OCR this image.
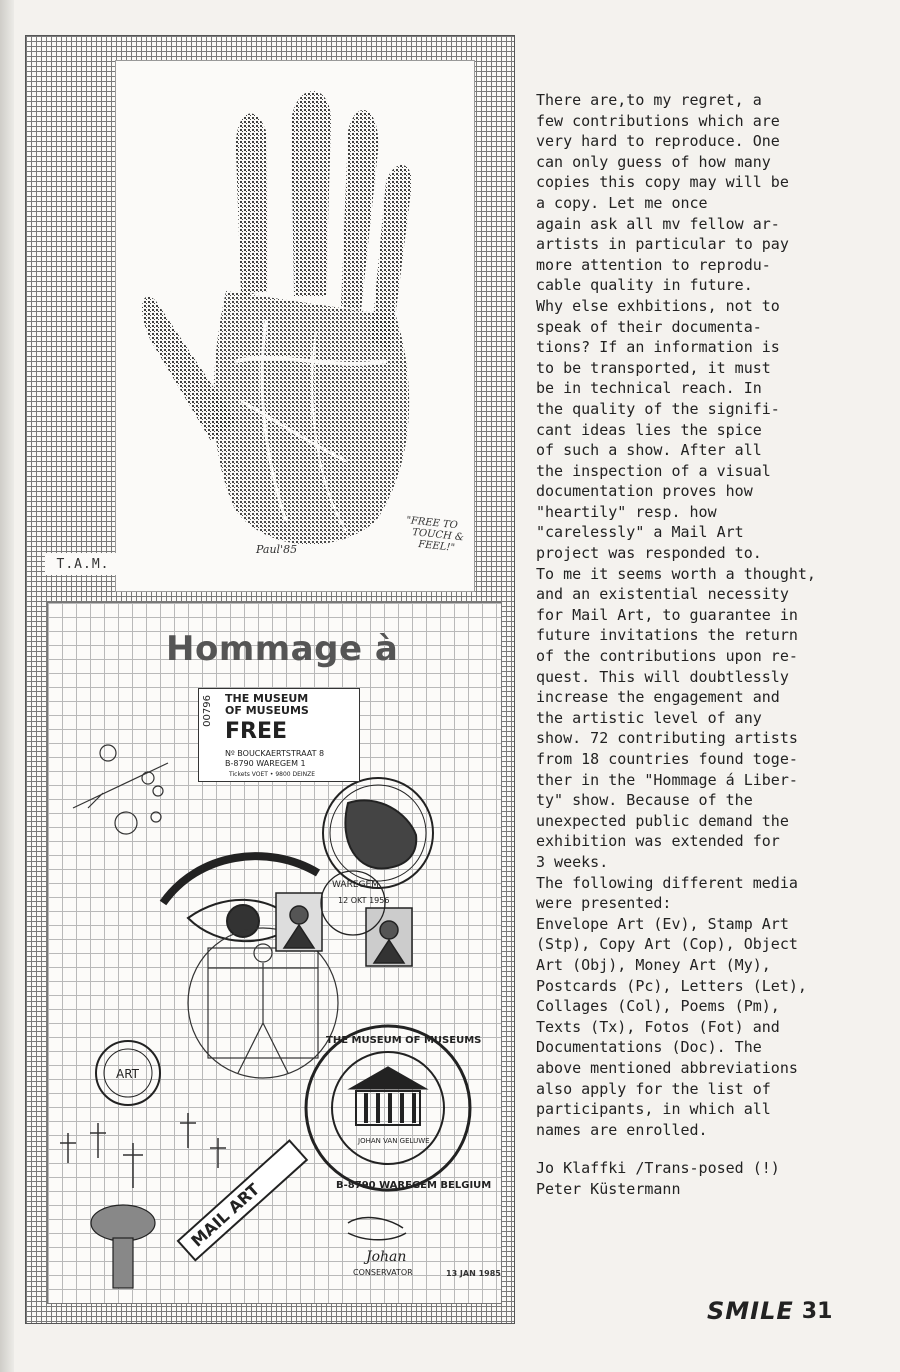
"FREE TO
TOUCH &
FEEL!"
Paul'85
T.A.M.
Hommage à
WAREGEM
12 OKT 1956
ART
MAIL ART
JOHAN VAN GELUWE
THE MUSEUM OF MUSEUMS
B-8790 WAREGEM BELGIUM
Johan
CONSERVATOR
00796 THE MUSEUM OF MUSEUMS
FREE
Nº BOUCKAERTSTRAAT 8
B-8790 WAREGEM 1
Tickets VOET • 9800 DEINZE
13 JAN 1985
There are,to my regret, a
few contributions which are
very hard to reproduce. One
can only guess of how many
copies this copy may will be
a copy. Let me once
again ask all mv fellow ar-
artists in particular to pay
more attention to reprodu-
cable quality in future.
Why else exhbitions, not to
speak of their documenta-
tions? If an information is
to be transported, it must
be in technical reach. In
the quality of the signifi-
cant ideas lies the spice
of such a show. After all
the inspection of a visual
documentation proves how
"heartily" resp. how
"carelessly" a Mail Art
project was responded to.
To me it seems worth a thought,
and an existential necessity
for Mail Art, to guarantee in
future invitations the return
of the contributions upon re-
quest. This will doubtlessly
increase the engagement and
the artistic level of any
show. 72 contributing artists
from 18 countries found toge-
ther in the "Hommage á Liber-
ty" show. Because of the
unexpected public demand the
exhibition was extended for
3 weeks.
The following different media
were presented:
Envelope Art (Ev), Stamp Art
(Stp), Copy Art (Cop), Object
Art (Obj), Money Art (My),
Postcards (Pc), Letters (Let),
Collages (Col), Poems (Pm),
Texts (Tx), Fotos (Fot) and
Documentations (Doc). The
above mentioned abbreviations
also apply for the list of
participants, in which all
names are enrolled.
Jo Klaffki /Trans-posed (!)
Peter Küstermann
SMILE 31
